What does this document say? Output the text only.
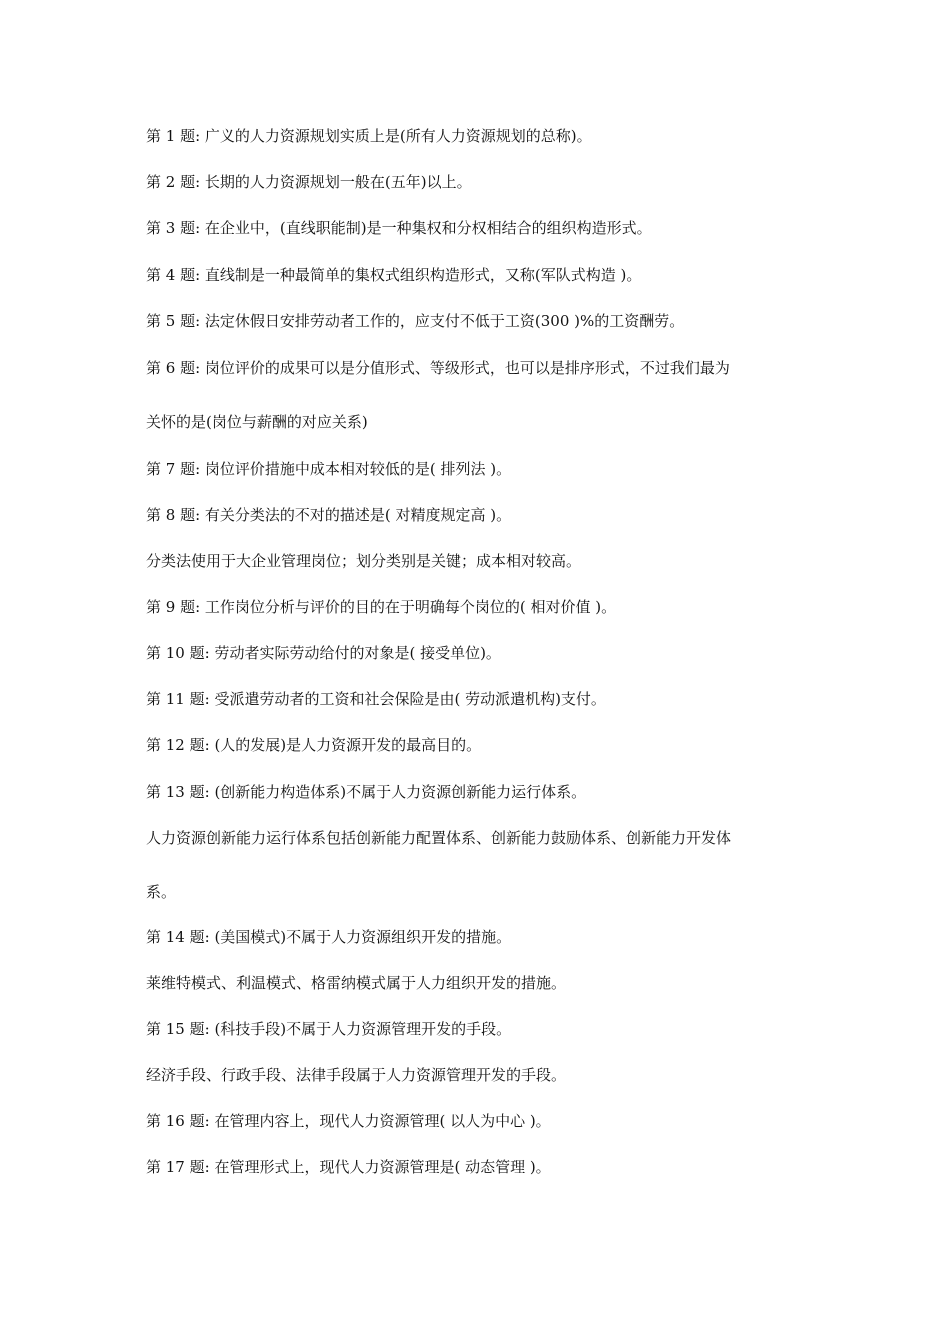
第 1 题: 广义的人力资源规划实质上是(所有人力资源规划的总称)。
第 2 题: 长期的人力资源规划一般在(五年)以上。
第 3 题: 在企业中，(直线职能制)是一种集权和分权相结合的组织构造形式。
第 4 题: 直线制是一种最简单的集权式组织构造形式，又称(军队式构造 )。
第 5 题: 法定休假日安排劳动者工作的，应支付不低于工资(300 )%的工资酬劳。
第 6 题: 岗位评价的成果可以是分值形式、等级形式，也可以是排序形式，不过我们最为
关怀的是(岗位与薪酬的对应关系)
第 7 题: 岗位评价措施中成本相对较低的是( 排列法 )。
第 8 题: 有关分类法的不对的描述是( 对精度规定高 )。
分类法使用于大企业管理岗位；划分类别是关键；成本相对较高。
第 9 题: 工作岗位分析与评价的目的在于明确每个岗位的( 相对价值 )。
第 10 题: 劳动者实际劳动给付的对象是( 接受单位)。
第 11 题: 受派遣劳动者的工资和社会保险是由( 劳动派遣机构)支付。
第 12 题: (人的发展)是人力资源开发的最高目的。
第 13 题: (创新能力构造体系)不属于人力资源创新能力运行体系。
人力资源创新能力运行体系包括创新能力配置体系、创新能力鼓励体系、创新能力开发体
系。
第 14 题: (美国模式)不属于人力资源组织开发的措施。
莱维特模式、利温模式、格雷纳模式属于人力组织开发的措施。
第 15 题: (科技手段)不属于人力资源管理开发的手段。
经济手段、行政手段、法律手段属于人力资源管理开发的手段。
第 16 题: 在管理内容上，现代人力资源管理( 以人为中心 )。
第 17 题: 在管理形式上，现代人力资源管理是( 动态管理 )。
